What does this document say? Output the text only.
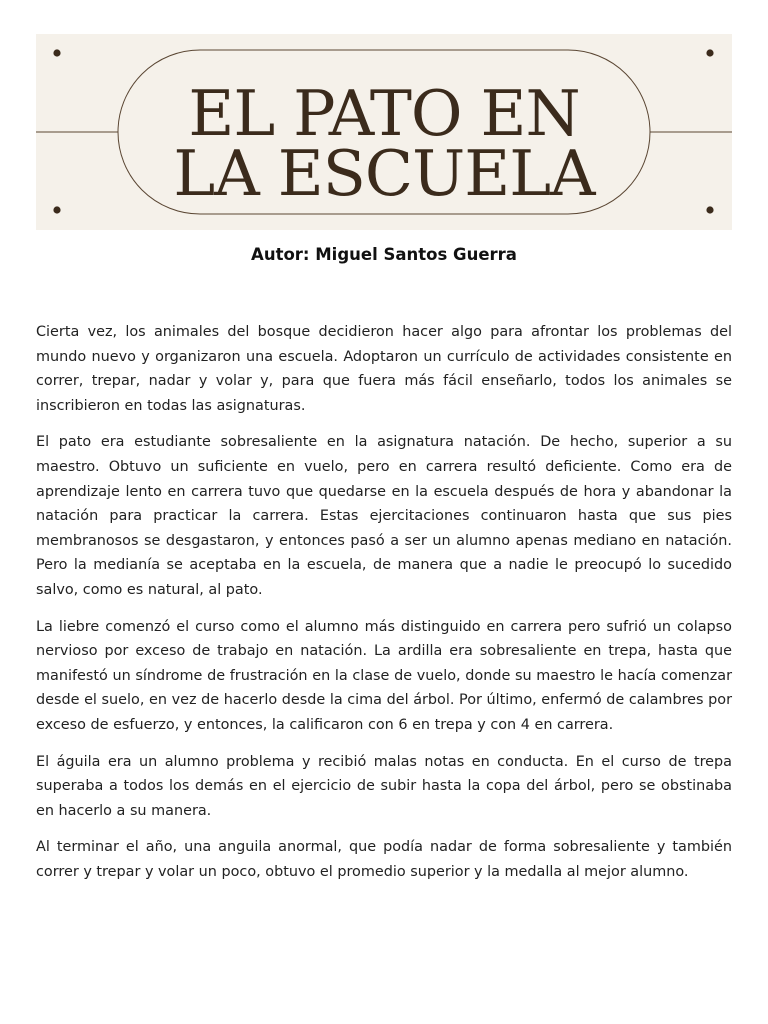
EL PATO EN
LA ESCUELA
Autor: Miguel Santos Guerra

Cierta vez, los animales del bosque decidieron hacer algo para afrontar los problemas del mundo nuevo y organizaron una escuela. Adoptaron un currículo de actividades consistente en correr, trepar, nadar y volar y, para que fuera más fácil enseñarlo, todos los animales se inscribieron en todas las asignaturas.

El pato era estudiante sobresaliente en la asignatura natación. De hecho, superior a su maestro. Obtuvo un suficiente en vuelo, pero en carrera resultó deficiente. Como era de aprendizaje lento en carrera tuvo que quedarse en la escuela después de hora y abandonar la natación para practicar la carrera. Estas ejercitaciones continuaron hasta que sus pies membranosos se desgastaron, y entonces pasó a ser un alumno apenas mediano en natación. Pero la medianía se aceptaba en la escuela, de manera que a nadie le preocupó lo sucedido salvo, como es natural, al pato.

La liebre comenzó el curso como el alumno más distinguido en carrera pero sufrió un colapso nervioso por exceso de trabajo en natación. La ardilla era sobresaliente en trepa, hasta que manifestó un síndrome de frustración en la clase de vuelo, donde su maestro le hacía comenzar desde el suelo, en vez de hacerlo desde la cima del árbol. Por último, enfermó de calambres por exceso de esfuerzo, y entonces, la calificaron con 6 en trepa y con 4 en carrera.

El águila era un alumno problema y recibió malas notas en conducta. En el curso de trepa superaba a todos los demás en el ejercicio de subir hasta la copa del árbol, pero se obstinaba en hacerlo a su manera.

Al terminar el año, una anguila anormal, que podía nadar de forma sobresaliente y también correr y trepar y volar un poco, obtuvo el promedio superior y la medalla al mejor alumno.
